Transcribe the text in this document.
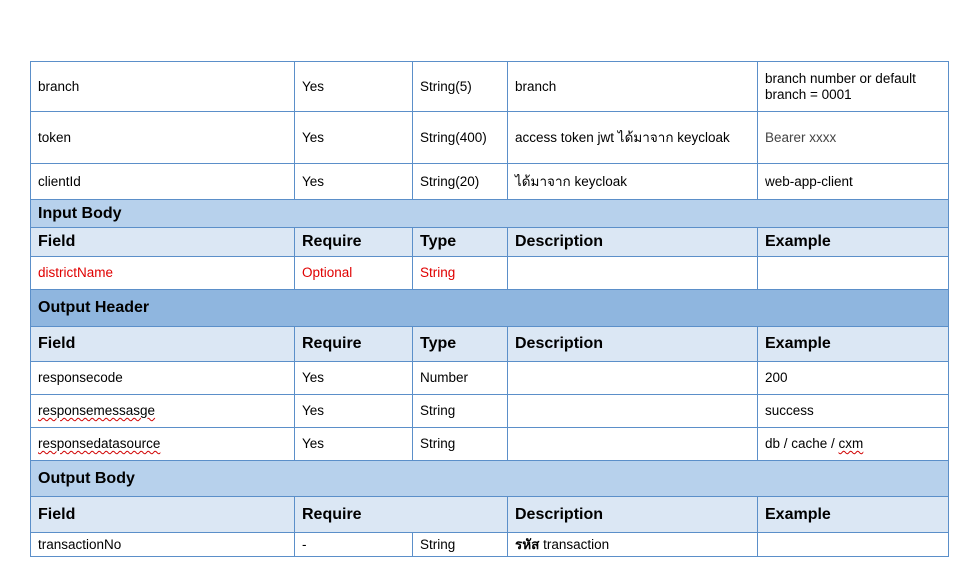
branch	Yes	String(5)	branch	branch number or default branch = 0001
token	Yes	String(400)	access token jwt ได้มาจาก keycloak	Bearer xxxx
clientId	Yes	String(20)	ได้มาจาก keycloak	web-app-client
Input Body				
Field	Require	Type	Description	Example
districtName	Optional	String		
Output Header				
Field	Require	Type	Description	Example
responsecode	Yes	Number		200
responsemessasge	Yes	String		success
responsedatasource	Yes	String		db / cache / cxm
Output Body				
Field	Require		Description	Example
transactionNo	-	String	รหัส transaction	
